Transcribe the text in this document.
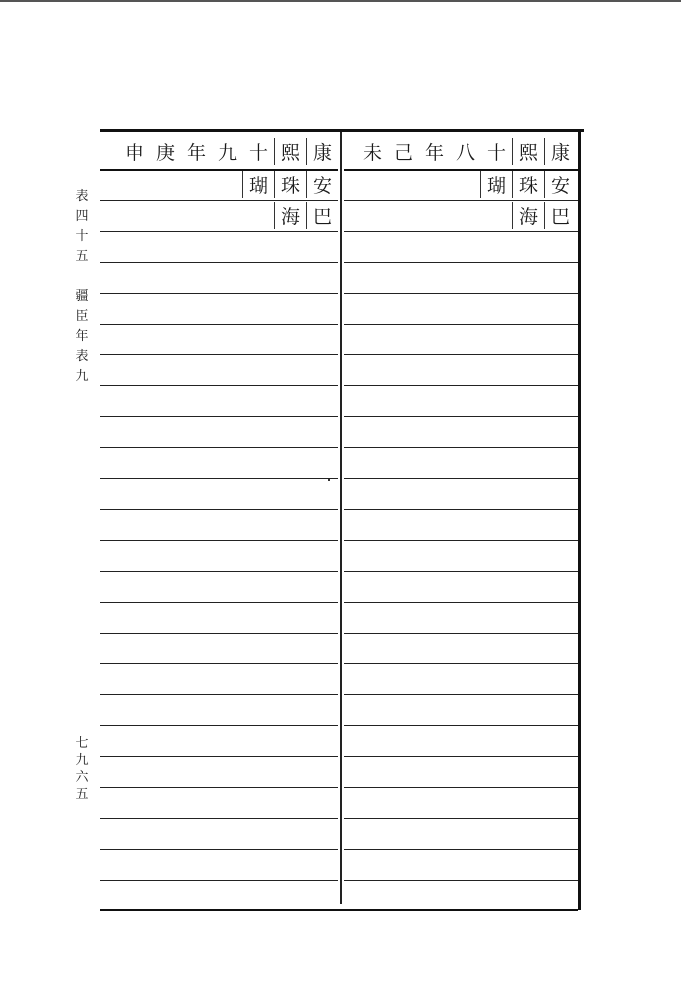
表
四
十
五
疆
臣
年
表
九
七
九
六
五
申 庚 年 九 十 熙 康
瑚 珠 安
海 巴
未 己 年 八 十 熙 康
瑚 珠 安
海 巴
